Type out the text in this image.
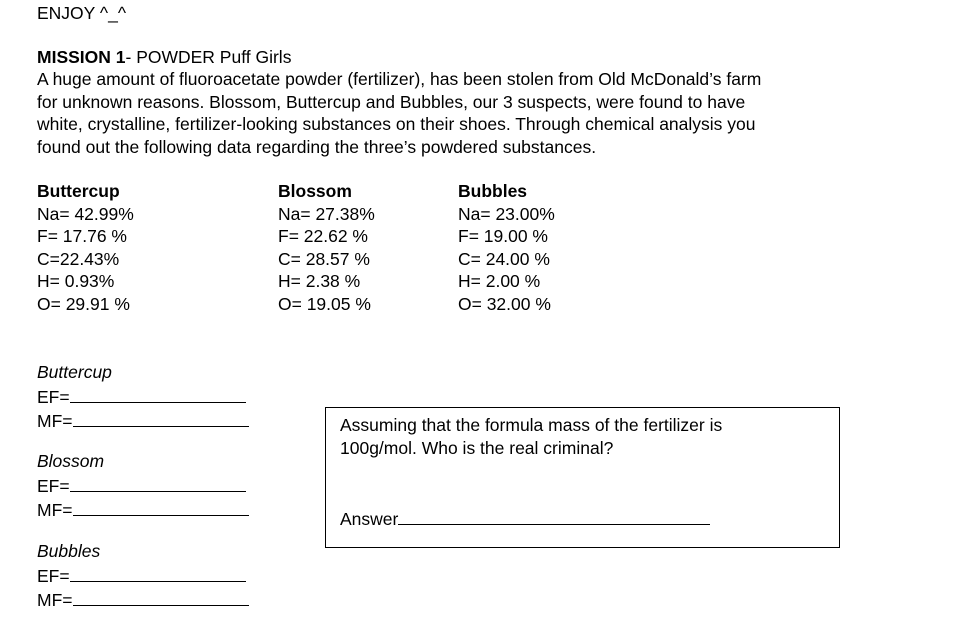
ENJOY ^_^
MISSION 1- POWDER Puff Girls
A huge amount of fluoroacetate powder (fertilizer), has been stolen from Old McDonald’s farm
for unknown reasons. Blossom, Buttercup and Bubbles, our 3 suspects, were found to have
white, crystalline, fertilizer-looking substances on their shoes. Through chemical analysis you
found out the following data regarding the three’s powdered substances.
Buttercup
Na= 42.99%
F= 17.76 %
C=22.43%
H= 0.93%
O= 29.91 %
Blossom
Na= 27.38%
F= 22.62 %
C= 28.57 %
H= 2.38 %
O= 19.05 %
Bubbles
Na= 23.00%
F= 19.00 %
C= 24.00 %
H= 2.00 %
O= 32.00 %
Buttercup
EF=
MF=
Blossom
EF=
MF=
Bubbles
EF=
MF=
Assuming that the formula mass of the fertilizer is
100g/mol. Who is the real criminal?
Answer
